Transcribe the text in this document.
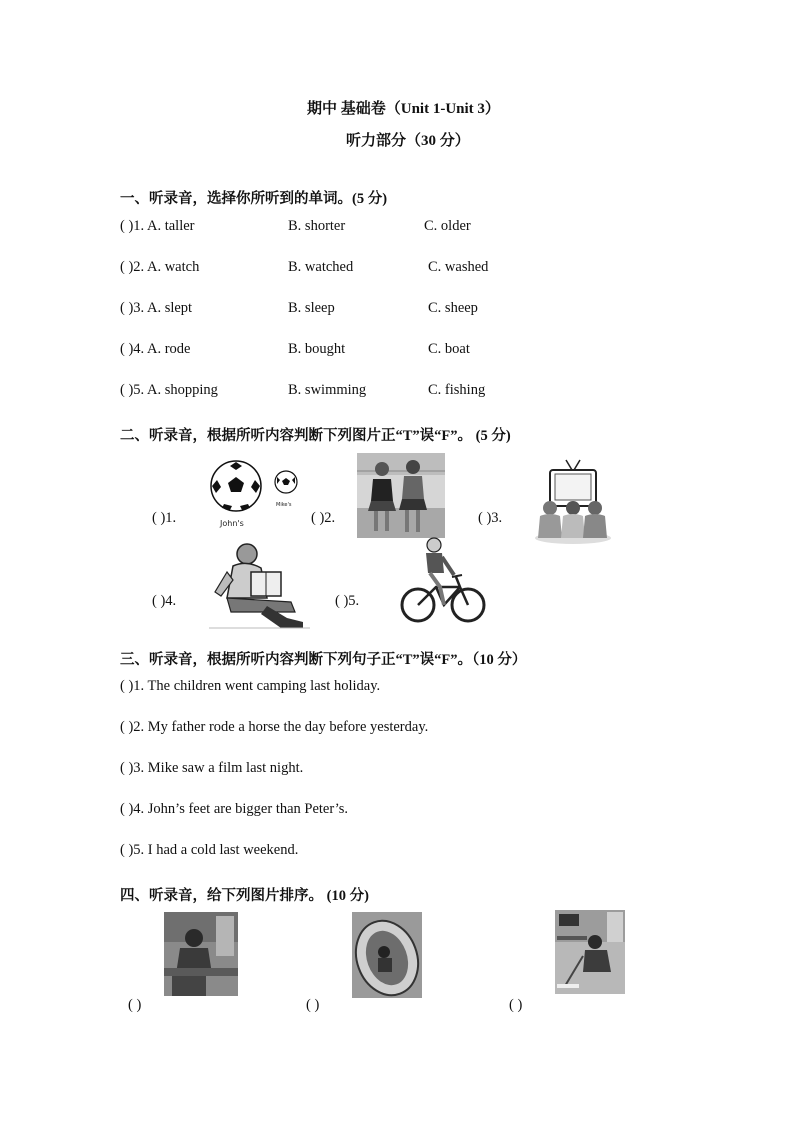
期中 基础卷（Unit 1-Unit 3）
听力部分（30 分）
一、听录音，选择你所听到的单词。(5 分)
( )1. A. taller	B. shorter	C. older
( )2. A. watch	B. watched	C. washed
( )3. A. slept	B. sleep	C. sheep
( )4. A. rode	B. bought	C. boat
( )5. A. shopping	B. swimming	C. fishing
二、听录音，根据所听内容判断下列图片正“T”误“F”。 (5 分)
( )1.	John's
Mike's
( )2.	( )3.
( )4.	( )5.
三、听录音，根据所听内容判断下列句子正“T”误“F”。（10 分）
( )1. The children went camping last holiday.
( )2. My father rode a horse the day before yesterday.
( )3. Mike saw a film last night.
( )4. John’s feet are bigger than Peter’s.
( )5. I had a cold last weekend.
四、听录音，给下列图片排序。 (10 分)
( )	( )	( )
